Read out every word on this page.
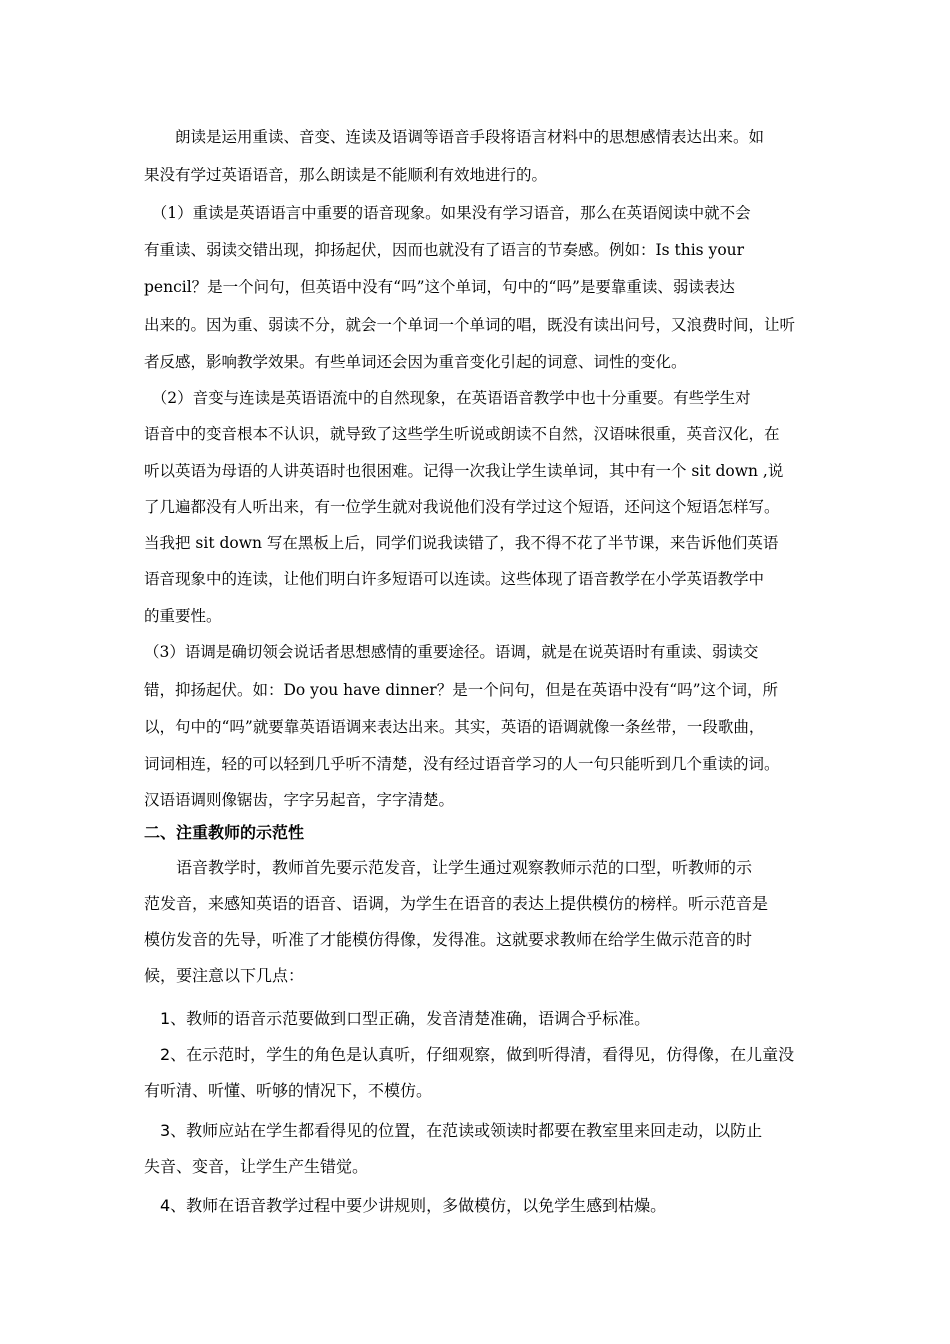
　　朗读是运用重读、音变、连读及语调等语音手段将语言材料中的思想感情表达出来。如
果没有学过英语语音，那么朗读是不能顺利有效地进行的。
　（1）重读是英语语言中重要的语音现象。如果没有学习语音，那么在英语阅读中就不会
有重读、弱读交错出现，抑扬起伏，因而也就没有了语言的节奏感。例如：Is this your
pencil？是一个问句，但英语中没有“吗”这个单词，句中的“吗”是要靠重读、弱读表达
出来的。因为重、弱读不分，就会一个单词一个单词的唱，既没有读出问号，又浪费时间，让听
者反感，影响教学效果。有些单词还会因为重音变化引起的词意、词性的变化。
　（2）音变与连读是英语语流中的自然现象，在英语语音教学中也十分重要。有些学生对
语音中的变音根本不认识，就导致了这些学生听说或朗读不自然，汉语味很重，英音汉化，在
听以英语为母语的人讲英语时也很困难。记得一次我让学生读单词，其中有一个 sit down ,说
了几遍都没有人听出来，有一位学生就对我说他们没有学过这个短语，还问这个短语怎样写。
当我把 sit down 写在黑板上后，同学们说我读错了，我不得不花了半节课，来告诉他们英语
语音现象中的连读，让他们明白许多短语可以连读。这些体现了语音教学在小学英语教学中
的重要性。
（3）语调是确切领会说话者思想感情的重要途径。语调，就是在说英语时有重读、弱读交
错，抑扬起伏。如：Do you have dinner？是一个问句，但是在英语中没有“吗”这个词，所
以，句中的“吗”就要靠英语语调来表达出来。其实，英语的语调就像一条丝带，一段歌曲，
词词相连，轻的可以轻到几乎听不清楚，没有经过语音学习的人一句只能听到几个重读的词。
汉语语调则像锯齿，字字另起音，字字清楚。
二、注重教师的示范性
　　语音教学时，教师首先要示范发音，让学生通过观察教师示范的口型，听教师的示
范发音，来感知英语的语音、语调，为学生在语音的表达上提供模仿的榜样。听示范音是
模仿发音的先导，听准了才能模仿得像，发得准。这就要求教师在给学生做示范音的时
候，要注意以下几点：
　1、教师的语音示范要做到口型正确，发音清楚准确，语调合乎标准。
　2、在示范时，学生的角色是认真听，仔细观察，做到听得清，看得见，仿得像，在儿童没
有听清、听懂、听够的情况下，不模仿。
　3、教师应站在学生都看得见的位置，在范读或领读时都要在教室里来回走动，以防止
失音、变音，让学生产生错觉。
　4、教师在语音教学过程中要少讲规则，多做模仿，以免学生感到枯燥。
